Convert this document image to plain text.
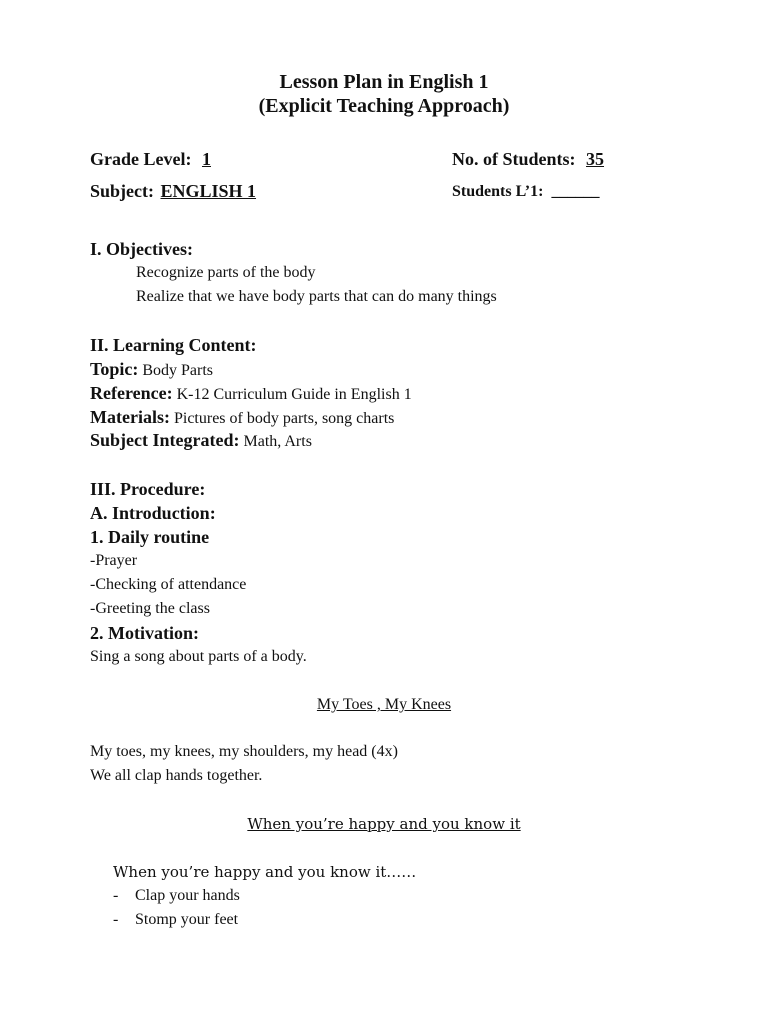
Lesson Plan in English 1
(Explicit Teaching Approach)
Grade Level: 1	No. of Students: 35
Subject: ENGLISH 1	Students L’1: ______
I. Objectives:
Recognize parts of the body
Realize that we have body parts that can do many things
II. Learning Content:
Topic: Body Parts
Reference: K-12 Curriculum Guide in English 1
Materials: Pictures of body parts, song charts
Subject Integrated: Math, Arts
III. Procedure:
A. Introduction:
1. Daily routine
-Prayer
-Checking of attendance
-Greeting the class
2. Motivation:
Sing a song about parts of a body.
My Toes , My Knees
My toes, my knees, my shoulders, my head (4x)
We all clap hands together.
When you’re happy and you know it
When you’re happy and you know it……
- Clap your hands
- Stomp your feet
